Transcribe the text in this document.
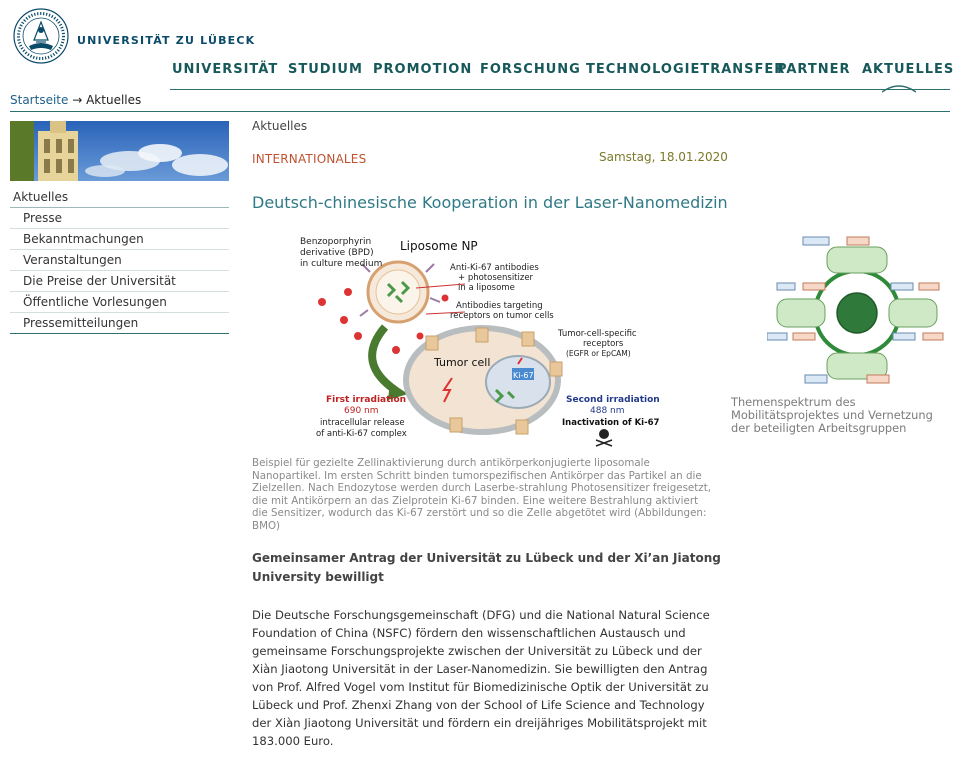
UNIVERSITÄT ZU LÜBECK
UNIVERSITÄT STUDIUM PROMOTION FORSCHUNG TECHNOLOGIETRANSFER
PARTNER AKTUELLES
Startseite → Aktuelles
Aktuelles
Presse
Bekanntmachungen
Veranstaltungen
Die Preise der Universität
Öffentliche Vorlesungen
Pressemitteilungen
Aktuelles
INTERNATIONALES	Samstag, 18.01.2020
Deutsch-chinesische Kooperation in der Laser-Nanomedizin
Benzoporphyrin
derivative (BPD)
in culture medium
Liposome NP
Anti-Ki-67 antibodies
+ photosensitizer
in a liposome
Antibodies targeting
receptors on tumor cells
Tumor-cell-specific
receptors
(EGFR or EpCAM)
Tumor cell
Ki-67
First irradiation
690 nm
intracellular release
of anti-Ki-67 complex
Second irradiation
488 nm
Inactivation of Ki-67
Beispiel für gezielte Zellinaktivierung durch antikörperkonjugierte liposomale Nanopartikel. Im ersten Schritt binden tumorspezifischen Antikörper das Partikel an die Zielzellen. Nach Endozytose werden durch Laserbe-strahlung Photosensitizer freigesetzt, die mit Antikörpern an das Zielprotein Ki-67 binden. Eine weitere Bestrahlung aktiviert die Sensitizer, wodurch das Ki-67 zerstört und so die Zelle abgetötet wird (Abbildungen: BMO)
Gemeinsamer Antrag der Universität zu Lübeck und der Xi’an Jiatong University bewilligt
Die Deutsche Forschungsgemeinschaft (DFG) und die National Natural Science Foundation of China (NSFC) fördern den wissenschaftlichen Austausch und gemeinsame Forschungsprojekte zwischen der Universität zu Lübeck und der Xiàn Jiaotong Universität in der Laser-Nanomedizin. Sie bewilligten den Antrag von Prof. Alfred Vogel vom Institut für Biomedizinische Optik der Universität zu Lübeck und Prof. Zhenxi Zhang von der School of Life Science and Technology der Xiàn Jiaotong Universität und fördern ein dreijähriges Mobilitätsprojekt mit 183.000 Euro.
Themenspektrum des Mobilitätsprojektes und Vernetzung der beteiligten Arbeitsgruppen
